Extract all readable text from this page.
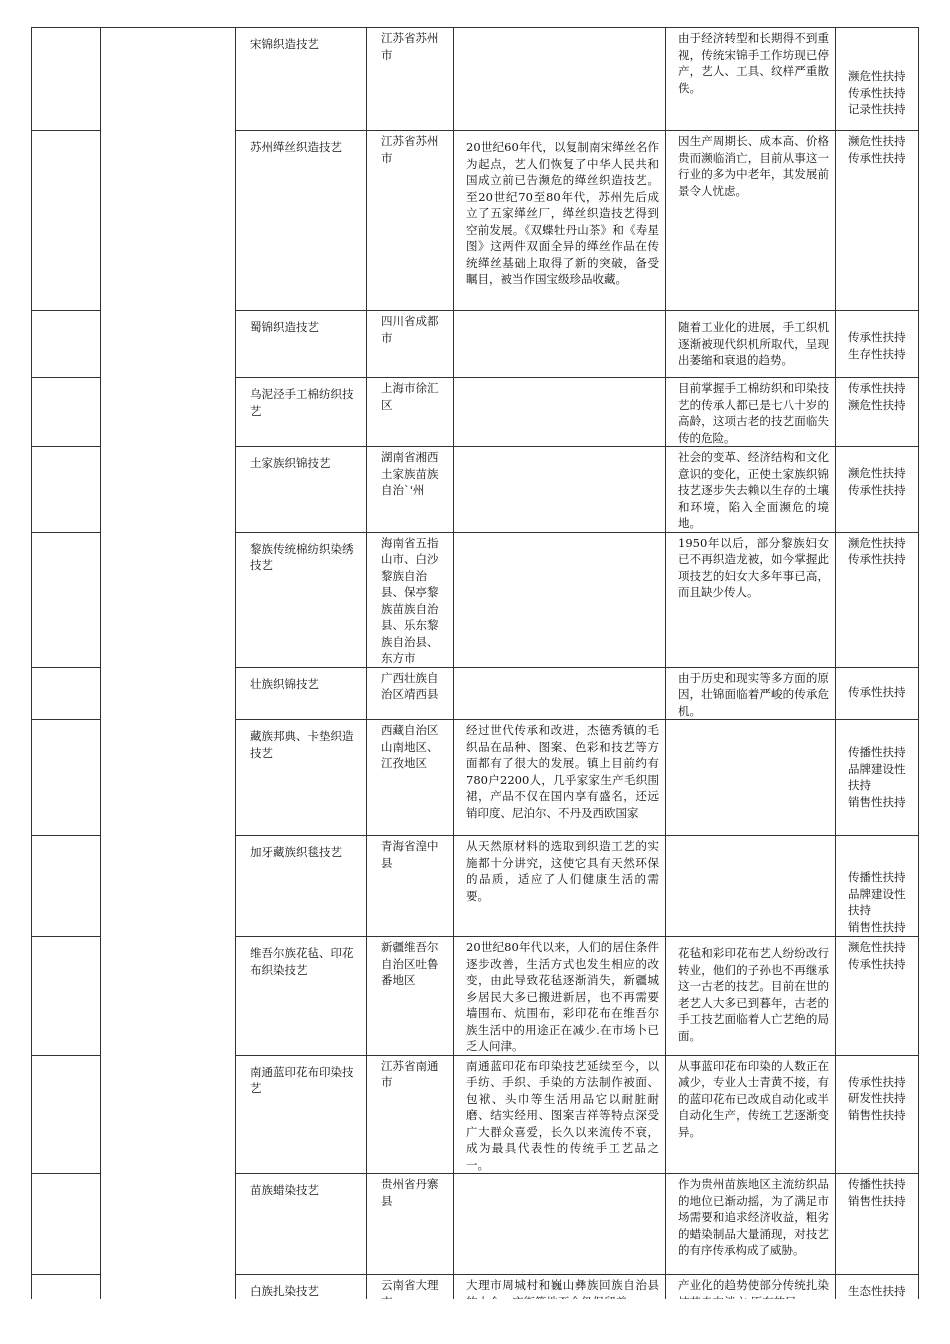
		宋锦织造技艺	江苏省苏州市		由于经济转型和长期得不到重视，传统宋锦手工作坊现已停产，艺人、工具、纹样严重散佚。	濒危性扶持
传承性扶持
记录性扶持

		苏州缂丝织造技艺	江苏省苏州市	20世纪60年代，以复制南宋缂丝名作为起点，艺人们恢复了中华人民共和国成立前已告濒危的缂丝织造技艺。至20世纪70至80年代，苏州先后成立了五家缂丝厂，缂丝织造技艺得到空前发展。《双蝶牡丹山茶》和《寿星图》这两件双面全异的缂丝作品在传统缂丝基础上取得了新的突破，备受瞩目，被当作国宝级珍品收藏。	因生产周期长、成本高、价格贵而濒临消亡，目前从事这一行业的多为中老年，其发展前景令人忧虑。	濒危性扶持
传承性扶持

		蜀锦织造技艺	四川省成都市		随着工业化的进展，手工织机逐渐被现代织机所取代，呈现出萎缩和衰退的趋势。	传承性扶持
生存性扶持

		乌泥泾手工棉纺织技艺	上海市徐汇区		目前掌握手工棉纺织和印染技艺的传承人都已是七八十岁的高龄，这项古老的技艺面临失传的危险。	传承性扶持
濒危性扶持

		土家族织锦技艺	湖南省湘西土家族苗族自治`'州		社会的变革、经济结构和文化意识的变化，正使土家族织锦技艺逐步失去赖以生存的土壤和环境，陷入全面濒危的境地。	濒危性扶持
传承性扶持

		黎族传统棉纺织染绣技艺	海南省五指山市、白沙黎族自治县、保亭黎族苗族自治县、乐东黎族自治县、东方市		1950年以后，部分黎族妇女已不再织造龙被，如今掌握此项技艺的妇女大多年事已高，而且缺少传人。	濒危性扶持
传承性扶持

		壮族织锦技艺	广西壮族自治区靖西县		由于历史和现实等多方面的原因，壮锦面临着严峻的传承危机。	传承性扶持

		藏族邦典、卡垫织造技艺	西藏自治区山南地区、江孜地区	经过世代传承和改进，杰德秀镇的毛织品在品种、图案、色彩和技艺等方面都有了很大的发展。镇上目前约有780户2200人，几乎家家生产毛织围裙，产品不仅在国内享有盛名，还远销印度、尼泊尔、不丹及西欧国家		传播性扶持
品牌建设性扶持
销售性扶持

		加牙藏族织毯技艺	青海省湟中县	从天然原材料的选取到织造工艺的实施都十分讲究，这使它具有天然环保的品质，适应了人们健康生活的需要。		传播性扶持
品牌建设性扶持
销售性扶持

		维吾尔族花毡、印花布织染技艺	新疆维吾尔自治区吐鲁番地区	20世纪80年代以来，人们的居住条件逐步改善，生活方式也发生相应的改变，由此导致花毡逐渐消失，新疆城乡居民大多已搬进新居，也不再需要墙围布、炕围布，彩印花布在维吾尔族生活中的用途正在减少.在市场卜已乏人问津。	花毡和彩印花布艺人纷纷改行转业，他们的子孙也不再继承这一古老的技艺。目前在世的老艺人大多已到暮年，古老的手工技艺面临着人亡艺绝的局面。	濒危性扶持
传承性扶持

		南通蓝印花布印染技艺	江苏省南通市	南通蓝印花布印染技艺延续至今，以手纺、手织、手染的方法制作被面、包袱、头巾等生活用品它以耐脏耐磨、结实经用、图案吉祥等特点深受广大群众喜爱，长久以来流传不衰，成为最具代表性的传统手工艺品之一。	从事蓝印花布印染的人数正在减少，专业人士青黄不接，有的蓝印花布已改成自动化或半自动化生产，传统工艺逐渐变异。	传承性扶持
研发性扶持
销售性扶持

		苗族蜡染技艺	贵州省丹寨县		作为贵州苗族地区主流纺织品的地位已渐动摇，为了满足市场需要和追求经济收益，粗劣的蜡染制品大量涌现，对技艺的有序传承构成了威胁。	传播性扶持
销售性扶持

		白族扎染技艺	云南省大理	大理市周城村和巍山彝族回族自治县	产业化的趋势使部分传统扎染	生态性扶持
